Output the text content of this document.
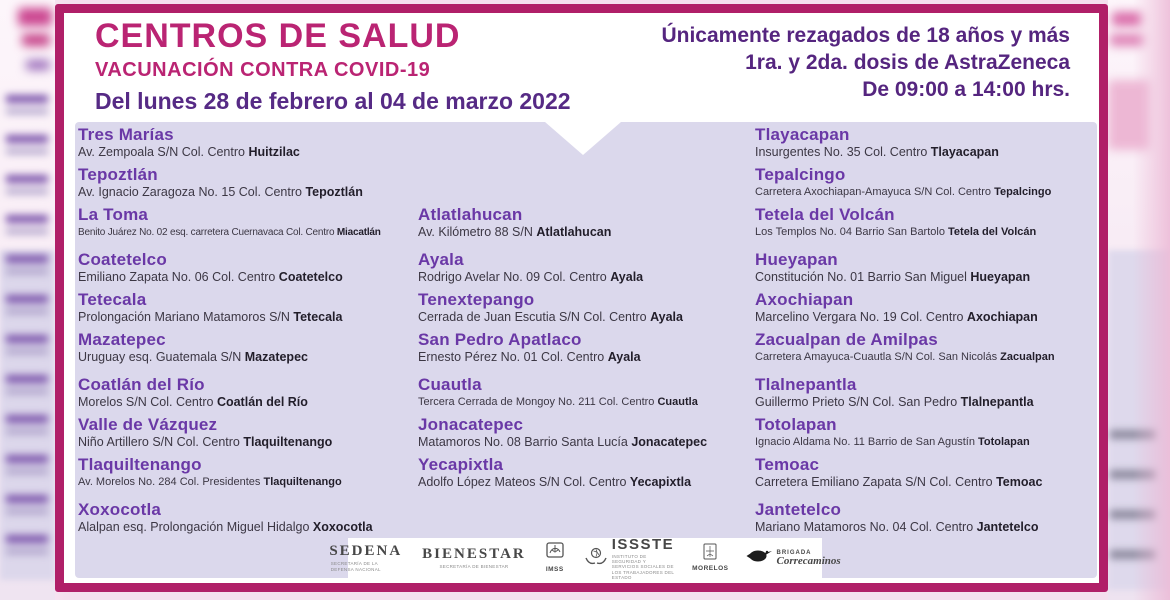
CENTROS DE SALUD
VACUNACIÓN CONTRA COVID-19
Del lunes 28 de febrero al 04 de marzo 2022
Únicamente rezagados de 18 años y más
1ra. y 2da. dosis de AstraZeneca
De 09:00 a 14:00 hrs.
Tres Marías
Av. Zempoala S/N Col. Centro Huitzilac
Tepoztlán
Av. Ignacio Zaragoza No. 15 Col. Centro Tepoztlán
La Toma
Benito Juárez No. 02 esq. carretera Cuernavaca Col. Centro Miacatlán
Coatetelco
Emiliano Zapata No. 06 Col. Centro Coatetelco
Tetecala
Prolongación Mariano Matamoros S/N Tetecala
Mazatepec
Uruguay esq. Guatemala S/N Mazatepec
Coatlán del Río
Morelos S/N Col. Centro Coatlán del Río
Valle de Vázquez
Niño Artillero S/N Col. Centro Tlaquiltenango
Tlaquiltenango
Av. Morelos No. 284 Col. Presidentes Tlaquiltenango
Xoxocotla
Alalpan esq. Prolongación Miguel Hidalgo Xoxocotla
Atlatlahucan
Av. Kilómetro 88 S/N Atlatlahucan
Ayala
Rodrigo Avelar No. 09 Col. Centro Ayala
Tenextepango
Cerrada de Juan Escutia S/N Col. Centro Ayala
San Pedro Apatlaco
Ernesto Pérez No. 01 Col. Centro Ayala
Cuautla
Tercera Cerrada de Mongoy No. 211 Col. Centro Cuautla
Jonacatepec
Matamoros No. 08 Barrio Santa Lucía Jonacatepec
Yecapixtla
Adolfo López Mateos S/N Col. Centro Yecapixtla
Tlayacapan
Insurgentes No. 35 Col. Centro Tlayacapan
Tepalcingo
Carretera Axochiapan-Amayuca S/N Col. Centro Tepalcingo
Tetela del Volcán
Los Templos No. 04 Barrio San Bartolo Tetela del Volcán
Hueyapan
Constitución No. 01 Barrio San Miguel Hueyapan
Axochiapan
Marcelino Vergara No. 19 Col. Centro Axochiapan
Zacualpan de Amilpas
Carretera Amayuca-Cuautla S/N Col. San Nicolás Zacualpan
Tlalnepantla
Guillermo Prieto S/N Col. San Pedro Tlalnepantla
Totolapan
Ignacio Aldama No. 11 Barrio de San Agustín Totolapan
Temoac
Carretera Emiliano Zapata S/N Col. Centro Temoac
Jantetelco
Mariano Matamoros No. 04 Col. Centro Jantetelco
SEDENA
SECRETARÍA DE LA DEFENSA NACIONAL
BIENESTAR
SECRETARÍA DE BIENESTAR	IMSS
ISSSTE
INSTITUTO DE SEGURIDAD Y SERVICIOS SOCIALES DE LOS TRABAJADORES DEL ESTADO
MORELOS
BRIGADA
Correcaminos
